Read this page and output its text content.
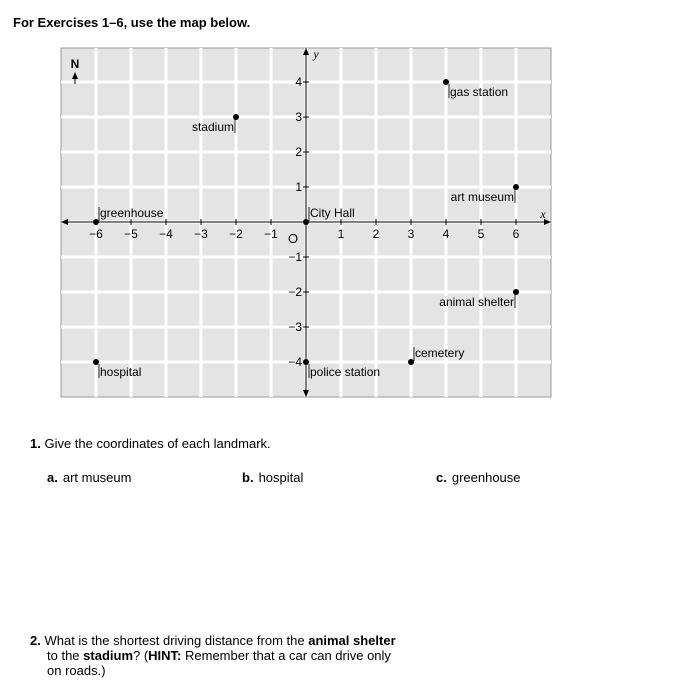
For Exercises 1–6, use the map below.
−6 −5 −4 −3 −2 −1	1 2 3 4 5 6
4
3
2
1
−1
−2
−3
−4
O
x
y
N
gas station
stadium
art museum
greenhouse	City Hall
animal shelter
hospital	police station
cemetery
1. Give the coordinates of each landmark.
a. art museum	b. hospital	c. greenhouse
2. What is the shortest driving distance from the animal shelter
to the stadium? (HINT: Remember that a car can drive only
on roads.)
